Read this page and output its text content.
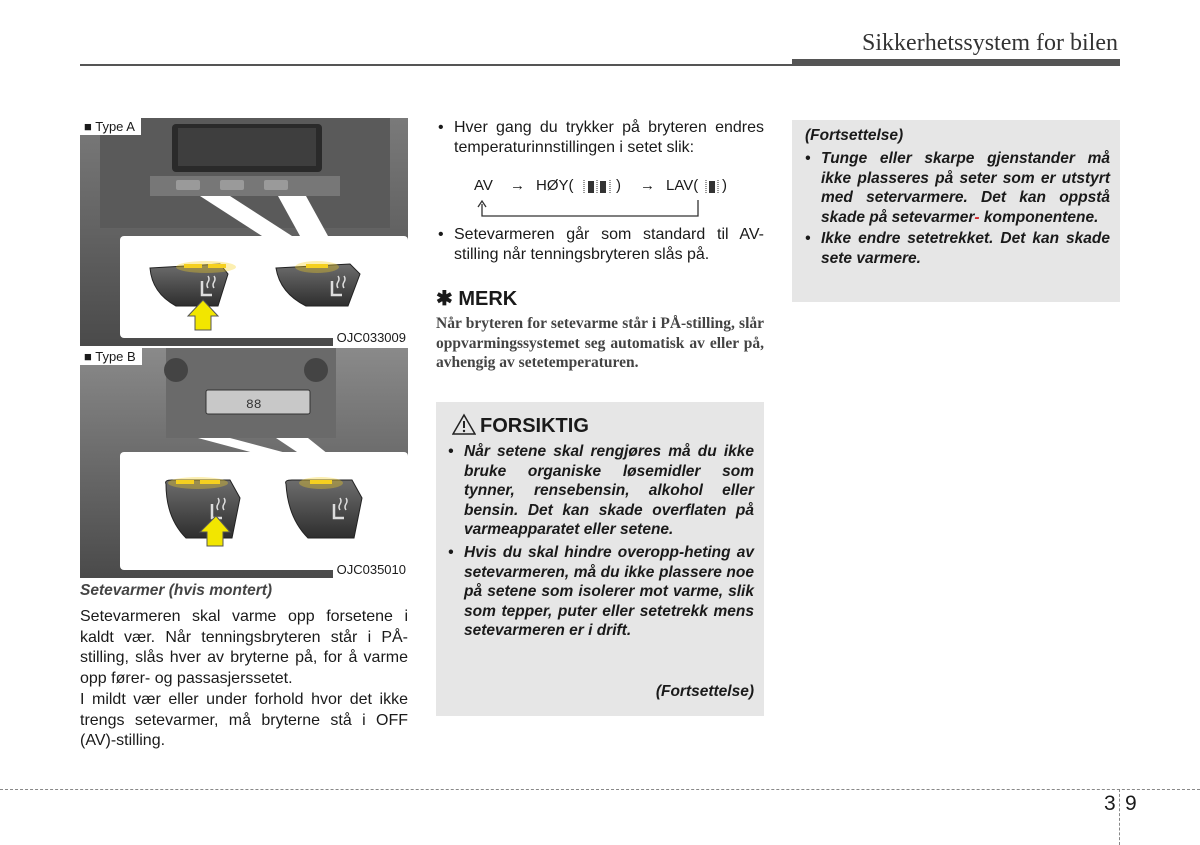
Sikkerhetssystem for bilen
■ Type A
OJC033009
88
■ Type B
OJC035010
Setevarmer (hvis montert)

Setevarmeren skal varme opp forsetene i kaldt vær. Når tenningsbryteren står i PÅ-stilling, slås hver av bryterne på, for å varme opp fører- og passasjerssetet.

I mildt vær eller under forhold hvor det ikke trengs setevarmer, må bryterne stå i OFF (AV)-stilling.

• Hver gang du trykker på bryteren endres temperaturinnstillingen i setet slik:
AV → HØY(	) → LAV( )
• Setevarmeren går som standard til AV-stilling når tenningsbryteren slås på.
✱ MERK

Når bryteren for setevarme står i PÅ-stilling, slår oppvarmingssystemet seg automatisk av eller på, avhengig av setetemperaturen.

FORSIKTIG
• Når setene skal rengjøres må du ikke bruke organiske løsemidler som tynner, rensebensin, alkohol eller bensin. Det kan skade overflaten på varmeapparatet eller setene.
• Hvis du skal hindre overopp-heting av setevarmeren, må du ikke plassere noe på setene som isolerer mot varme, slik som tepper, puter eller setetrekk mens setevarmeren er i drift.
(Fortsettelse)
(Fortsettelse)
• Tunge eller skarpe gjenstander må ikke plasseres på seter som er utstyrt med setervarmere. Det kan oppstå skade på setevarmer- komponentene.
• Ikke endre setetrekket. Det kan skade sete varmere.
3 9
